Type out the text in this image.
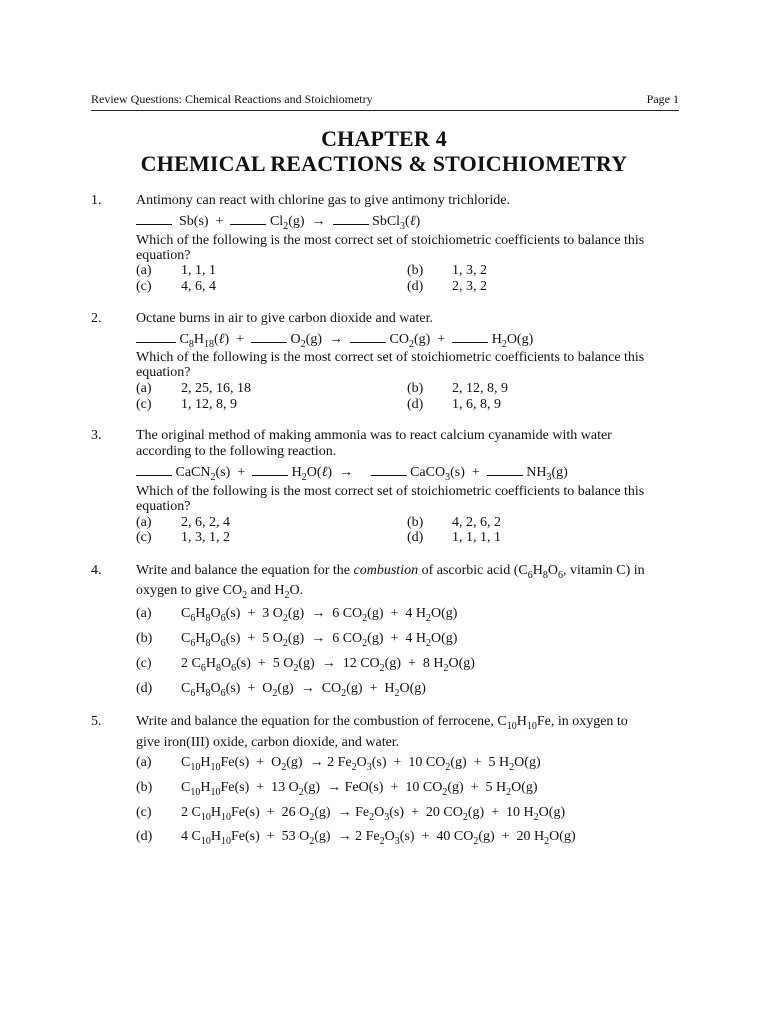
Review Questions: Chemical Reactions and Stoichiometry	Page 1
CHAPTER 4
CHEMICAL REACTIONS & STOICHIOMETRY
1. Antimony can react with chlorine gas to give antimony trichloride.
Sb(s)  +	$Cl_2(g)$  →	SbCl$_3$(ℓ)
Which of the following is the most correct set of stoichiometric coefficients to balance this
equation?
(a) 1, 1, 1	(b) 1, 3, 2
(c) 4, 6, 4	(d) 2, 3, 2
2. Octane burns in air to give carbon dioxide and water.
$C_8H_{18}(\ell)$  +	$O_2(g)$  →	$CO_2(g)$  +	$H_2O(g)$
Which of the following is the most correct set of stoichiometric coefficients to balance this
equation?
(a) 2, 25, 16, 18	(b) 2, 12, 8, 9
(c) 1, 12, 8, 9	(d) 1, 6, 8, 9
3. The original method of making ammonia was to react calcium cyanamide with water
according to the following reaction.
CaCN$_2$(s)  +	$H_2O(\ell)$  →	CaCO$_3$(s)  +	$NH_3(g)$
Which of the following is the most correct set of stoichiometric coefficients to balance this
equation?
(a) 2, 6, 2, 4	(b) 4, 2, 6, 2
(c) 1, 3, 1, 2	(d) 1, 1, 1, 1
4. Write and balance the equation for the combustion of ascorbic acid ($C_6H_8O_6$, vitamin C) in
oxygen to give $CO_2$ and $H_2O$.
(a) $C_6H_8O_6(s) + 3$ $O_2(g) \to 6$ $CO_2(g) + 4$ $H_2O(g)$
(b) $C_6H_8O_6(s) + 5$ $O_2(g) \to 6$ $CO_2(g) + 4$ $H_2O(g)$
(c) 2 $C_6H_8O_6(s) + 5$ $O_2(g) \to 12$ $CO_2(g) + 8$ $H_2O(g)$
(d) $C_6H_8O_6(s) + O_2(g) \to CO_2(g) + H_2O(g)$
5. Write and balance the equation for the combustion of ferrocene, $C_{10}H_{10}Fe$, in oxygen to
give iron(III) oxide, carbon dioxide, and water.
(a) $C_{10}H_{10}Fe(s) + O_2(g) \to 2$ $Fe_2O_3(s) + 10$ $CO_2(g) + 5$ $H_2O(g)$
(b) $C_{10}H_{10}Fe(s) + 13$ $O_2(g) \to FeO(s) + 10$ $CO_2(g) + 5$ $H_2O(g)$
(c) 2 $C_{10}H_{10}Fe(s) + 26$ $O_2(g) \to Fe_2O_3(s) + 20$ $CO_2(g) + 10$ $H_2O(g)$
(d) 4 $C_{10}H_{10}Fe(s) + 53$ $O_2(g) \to 2$ $Fe_2O_3(s) + 40$ $CO_2(g) + 20$ $H_2O(g)$
